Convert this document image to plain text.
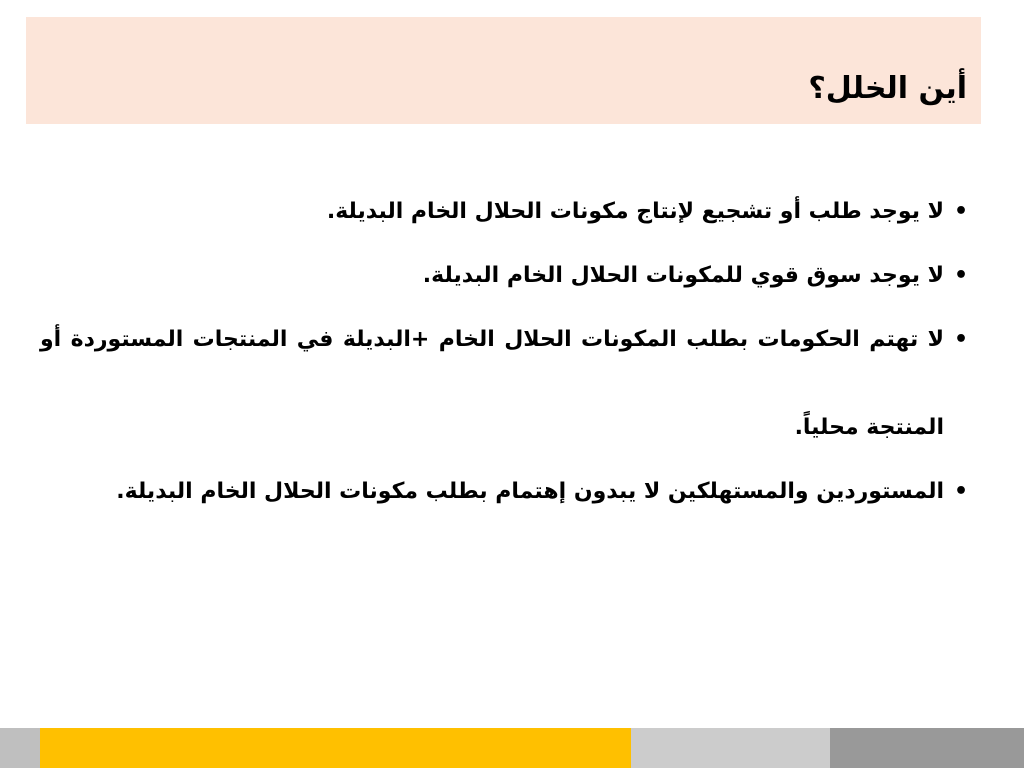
أين الخلل؟
•
لا يوجد طلب أو تشجيع لإنتاج مكونات الحلال الخام البديلة.
•
لا يوجد سوق قوي للمكونات الحلال الخام البديلة.
•
لا تهتم الحكومات بطلب المكونات الحلال الخام +البديلة في المنتجات المستوردة أو المنتجة محلياً.
•
المستوردين والمستهلكين لا يبدون إهتمام بطلب مكونات الحلال الخام البديلة.
